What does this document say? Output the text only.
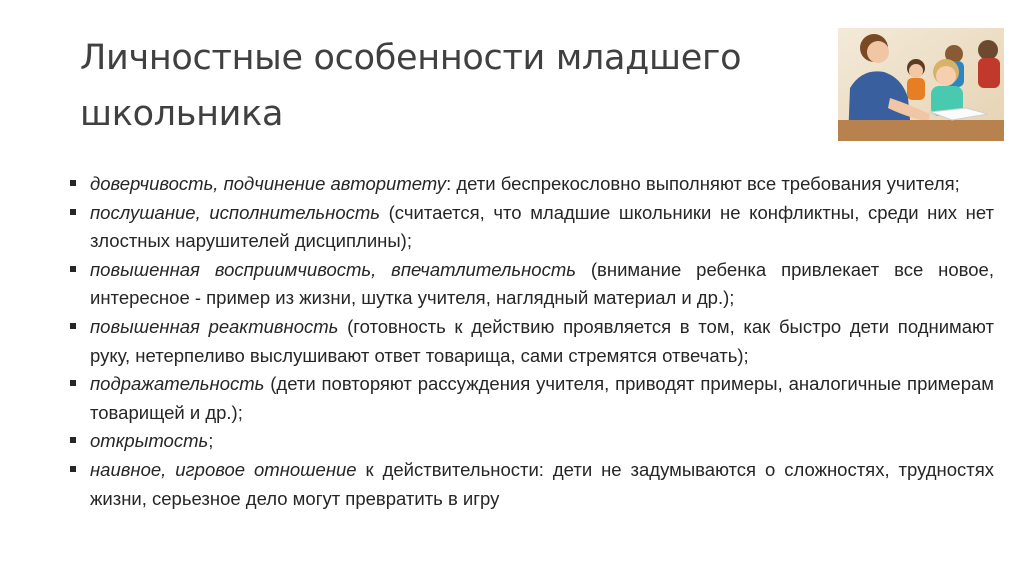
Личностные особенности младшего школьника
доверчивость, подчинение авторитету: дети беспрекословно выполняют все требования учителя;
послушание, исполнительность (считается, что младшие школьники не конфликтны, среди них нет злостных нарушителей дисциплины);
повышенная восприимчивость, впечатлительность (внимание ребенка привлекает все новое, интересное - пример из жизни, шутка учителя, наглядный материал и др.);
повышенная реактивность (готовность к действию проявляется в том, как быстро дети поднимают руку, нетерпеливо выслушивают ответ товарища, сами стремятся отвечать);
подражательность (дети повторяют рассуждения учителя, приводят примеры, аналогичные примерам товарищей и др.);
открытость;
наивное, игровое отношение к действительности: дети не задумываются о сложностях, трудностях жизни, серьезное дело могут превратить в игру
